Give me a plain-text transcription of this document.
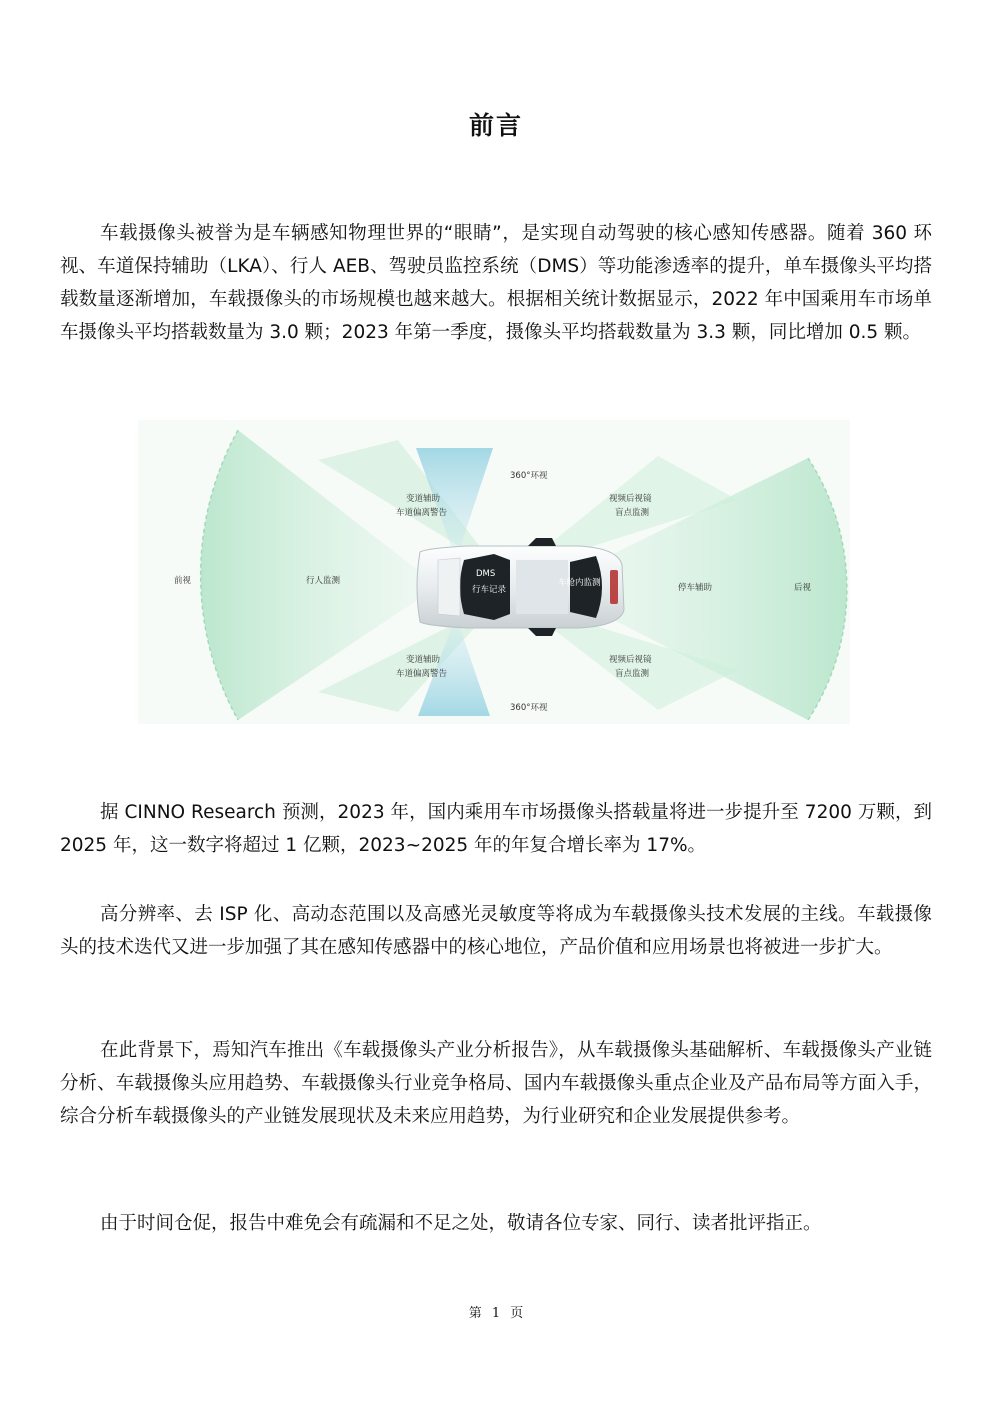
前言

车载摄像头被誉为是车辆感知物理世界的“眼睛”，是实现自动驾驶的核心感知传感器。随着 360 环视、车道保持辅助（LKA）、行人 AEB、驾驶员监控系统（DMS）等功能渗透率的提升，单车摄像头平均搭载数量逐渐增加，车载摄像头的市场规模也越来越大。根据相关统计数据显示，2022 年中国乘用车市场单车摄像头平均搭载数量为 3.0 颗；2023 年第一季度，摄像头平均搭载数量为 3.3 颗，同比增加 0.5 颗。

前视	行人监测
360°环视
变道辅助
车道偏离警告
视频后视镜
盲点监测
DMS
行车记录
车舱内监测	停车辅助	后视
变道辅助
车道偏离警告
视频后视镜
盲点监测
360°环视

据 CINNO Research 预测，2023 年，国内乘用车市场摄像头搭载量将进一步提升至 7200 万颗，到 2025 年，这一数字将超过 1 亿颗，2023~2025 年的年复合增长率为 17%。

高分辨率、去 ISP 化、高动态范围以及高感光灵敏度等将成为车载摄像头技术发展的主线。车载摄像头的技术迭代又进一步加强了其在感知传感器中的核心地位，产品价值和应用场景也将被进一步扩大。

在此背景下，焉知汽车推出《车载摄像头产业分析报告》，从车载摄像头基础解析、车载摄像头产业链分析、车载摄像头应用趋势、车载摄像头行业竞争格局、国内车载摄像头重点企业及产品布局等方面入手，综合分析车载摄像头的产业链发展现状及未来应用趋势，为行业研究和企业发展提供参考。

由于时间仓促，报告中难免会有疏漏和不足之处，敬请各位专家、同行、读者批评指正。

第 1 页
